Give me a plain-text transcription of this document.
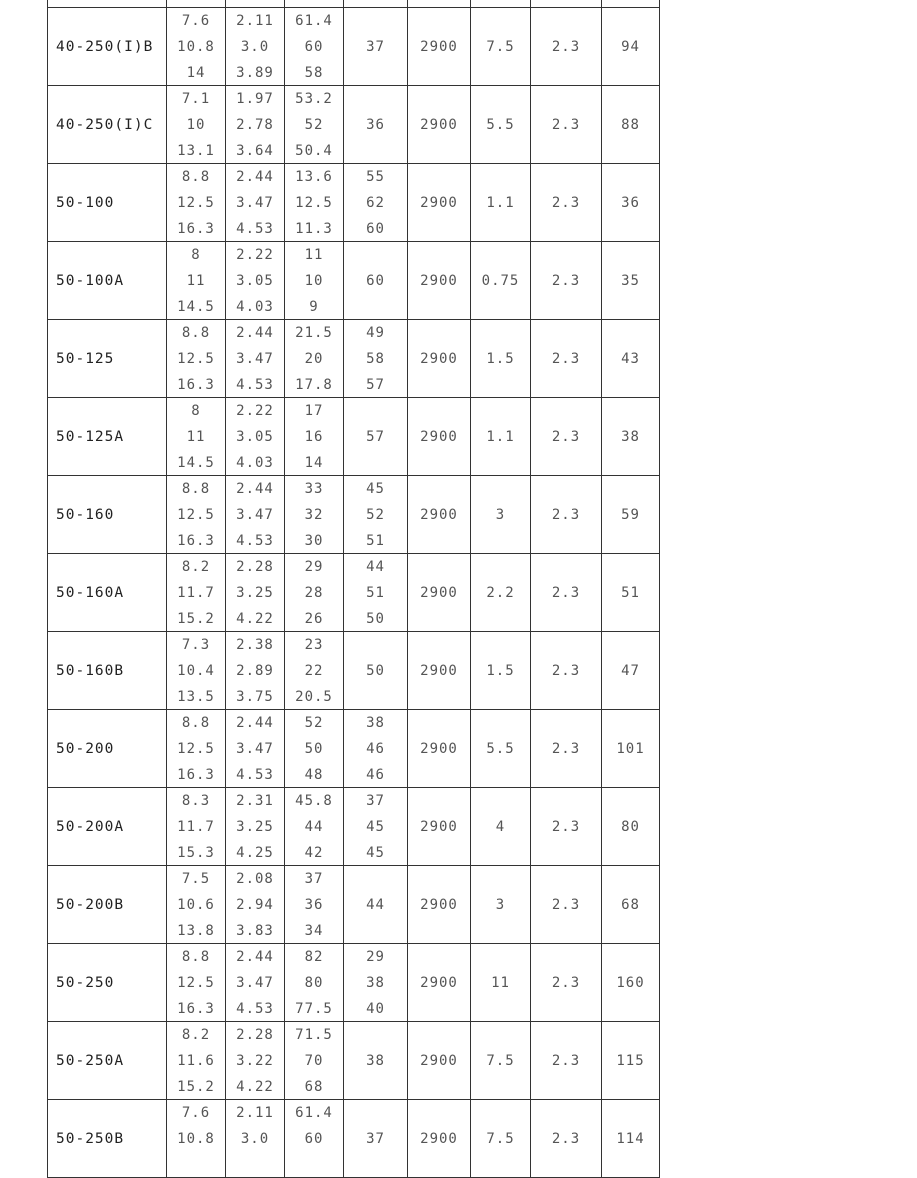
40-250(I)B	7.6
10.8
14	2.11
3.0
3.89	61.4
60
58	37	2900	7.5	2.3	94
40-250(I)C	7.1
10
13.1	1.97
2.78
3.64	53.2
52
50.4	36	2900	5.5	2.3	88
50-100	8.8
12.5
16.3	2.44
3.47
4.53	13.6
12.5
11.3	55
62
60	2900	1.1	2.3	36
50-100A	8
11
14.5	2.22
3.05
4.03	11
10
9	60	2900	0.75	2.3	35
50-125	8.8
12.5
16.3	2.44
3.47
4.53	21.5
20
17.8	49
58
57	2900	1.5	2.3	43
50-125A	8
11
14.5	2.22
3.05
4.03	17
16
14	57	2900	1.1	2.3	38
50-160	8.8
12.5
16.3	2.44
3.47
4.53	33
32
30	45
52
51	2900	3	2.3	59
50-160A	8.2
11.7
15.2	2.28
3.25
4.22	29
28
26	44
51
50	2900	2.2	2.3	51
50-160B	7.3
10.4
13.5	2.38
2.89
3.75	23
22
20.5	50	2900	1.5	2.3	47
50-200	8.8
12.5
16.3	2.44
3.47
4.53	52
50
48	38
46
46	2900	5.5	2.3	101
50-200A	8.3
11.7
15.3	2.31
3.25
4.25	45.8
44
42	37
45
45	2900	4	2.3	80
50-200B	7.5
10.6
13.8	2.08
2.94
3.83	37
36
34	44	2900	3	2.3	68
50-250	8.8
12.5
16.3	2.44
3.47
4.53	82
80
77.5	29
38
40	2900	11	2.3	160
50-250A	8.2
11.6
15.2	2.28
3.22
4.22	71.5
70
68	38	2900	7.5	2.3	115
50-250B	7.6
10.8	2.11
3.0	61.4
60	37	2900	7.5	2.3	114
